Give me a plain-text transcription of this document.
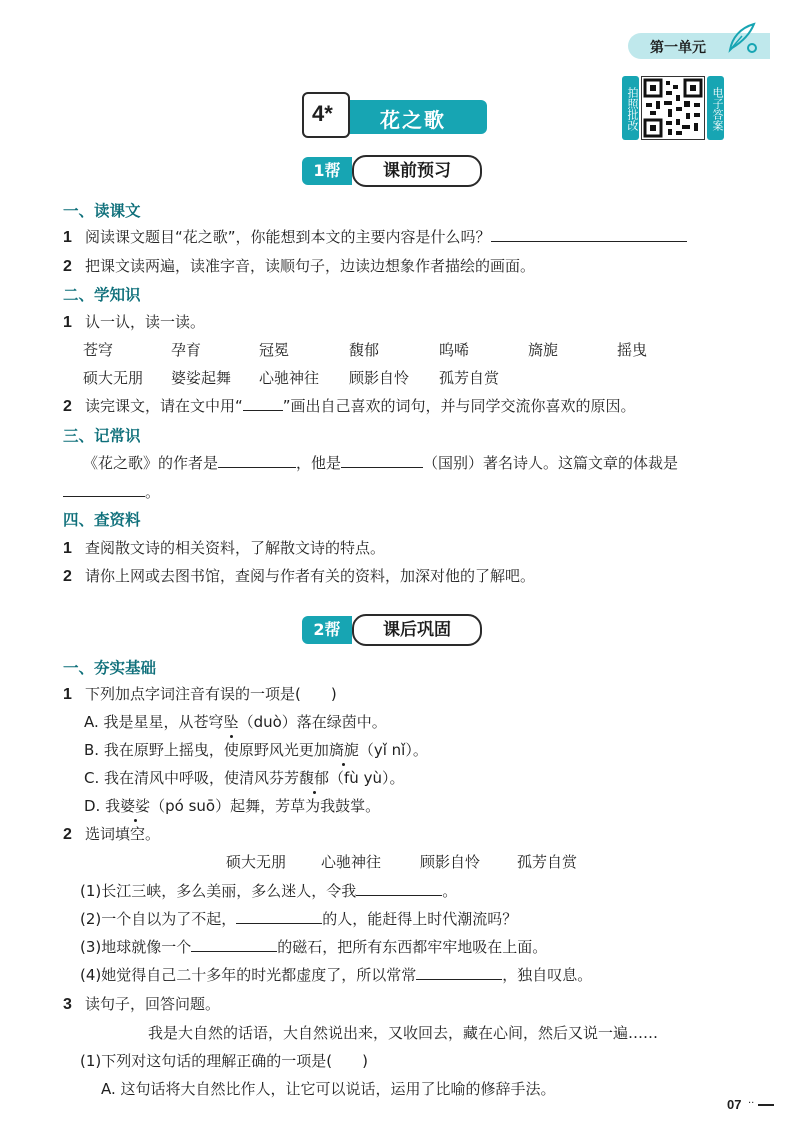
第一单元
4* 花之歌	拍照批改	电子答案
1帮	课前预习
一、读课文
1 阅读课文题目“花之歌”，你能想到本文的主要内容是什么吗？
2 把课文读两遍，读准字音，读顺句子，边读边想象作者描绘的画面。
二、学知识
1 认一认，读一读。
苍穹	孕育	冠冕	馥郁	呜唏	旖旎	摇曳
硕大无朋 婆娑起舞 心驰神往 顾影自怜 孤芳自赏
2 读完课文，请在文中用“	”画出自己喜欢的词句，并与同学交流你喜欢的原因。
三、记常识
《花之歌》的作者是	，他是	（国别）著名诗人。这篇文章的体裁是
。
四、查资料
1 查阅散文诗的相关资料，了解散文诗的特点。
2 请你上网或去图书馆，查阅与作者有关的资料，加深对他的了解吧。
2帮	课后巩固
一、夯实基础
1 下列加点字词注音有误的一项是( )
A. 我是星星，从苍穹坠（duò）落在绿茵中。
B. 我在原野上摇曳，使原野风光更加旖旎（yǐ nǐ）。
C. 我在清风中呼吸，使清风芬芳馥郁（fù yù）。
D. 我婆娑（pó suō）起舞，芳草为我鼓掌。
2 选词填空。
硕大无朋 心驰神往	顾影自怜 孤芳自赏
(1)长江三峡，多么美丽，多么迷人，令我	。
(2)一个自以为了不起，	的人，能赶得上时代潮流吗？
(3)地球就像一个	的磁石，把所有东西都牢牢地吸在上面。
(4)她觉得自己二十多年的时光都虚度了，所以常常	，独自叹息。
3 读句子，回答问题。
我是大自然的话语，大自然说出来，又收回去，藏在心间，然后又说一遍……
(1)下列对这句话的理解正确的一项是( )
A. 这句话将大自然比作人，让它可以说话，运用了比喻的修辞手法。
07 ··
